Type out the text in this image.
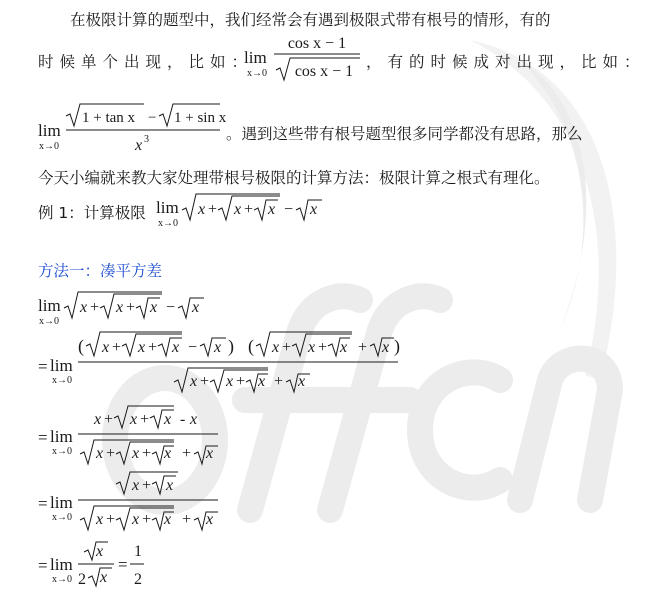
在极限计算的题型中，我们经常会有遇到极限式带有根号的情形，有的
时候单个出现，比如：
lim
x→0
cos x − 1
cos x − 1
，有的时候成对出现，比如：
lim
x→0
1 + tan x − 1 + sin x
x 3	。遇到这些带有根号题型很多同学都没有思路，那么
今天小编就来教大家处理带根号极限的计算方法：极限计算之根式有理化。
例 1：计算极限 lim
x→0
x + x + x − x
方法一：凑平方差
lim
x→0
x + x + x − x
= lim
x→0
( x + x + x − x ) ( x + x + x + x )
x + x + x + x
= lim
x→0
x + x + x - x
x + x + x + x
= lim
x→0
x + x
x + x + x + x
= lim
x→0
x
2 x
=
1
2
